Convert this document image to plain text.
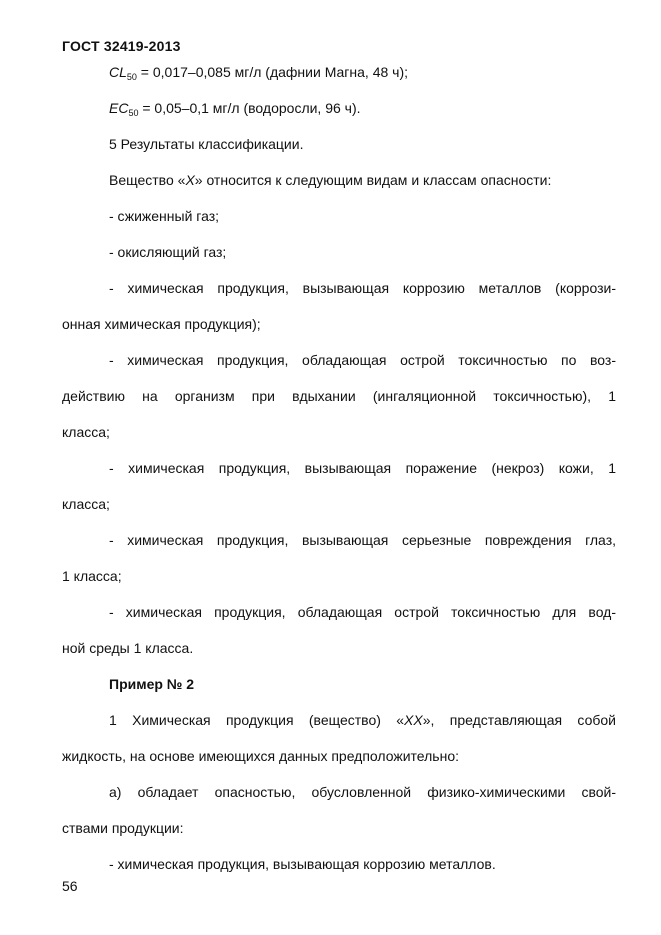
ГОСТ 32419-2013
$CL_{50} = 0,017-0,085$ мг/л (дафнии Магна, 48 ч);
$EC_{50} = 0,05-0,1$ мг/л (водоросли, 96 ч).
5 Результаты классификации.
Вещество «X» относится к следующим видам и классам опасности:
- сжиженный газ;
- окисляющий газ;
- химическая продукция, вызывающая коррозию металлов (коррози-
онная химическая продукция);
- химическая продукция, обладающая острой токсичностью по воз-
действию на организм при вдыхании (ингаляционной токсичностью), 1
класса;
- химическая продукция, вызывающая поражение (некроз) кожи, 1
класса;
- химическая продукция, вызывающая серьезные повреждения глаз,
1 класса;
- химическая продукция, обладающая острой токсичностью для вод-
ной среды 1 класса.
Пример № 2
1 Химическая продукция (вещество) «XX», представляющая собой
жидкость, на основе имеющихся данных предположительно:
а) обладает опасностью, обусловленной физико-химическими свой-
ствами продукции:
- химическая продукция, вызывающая коррозию металлов.
56
